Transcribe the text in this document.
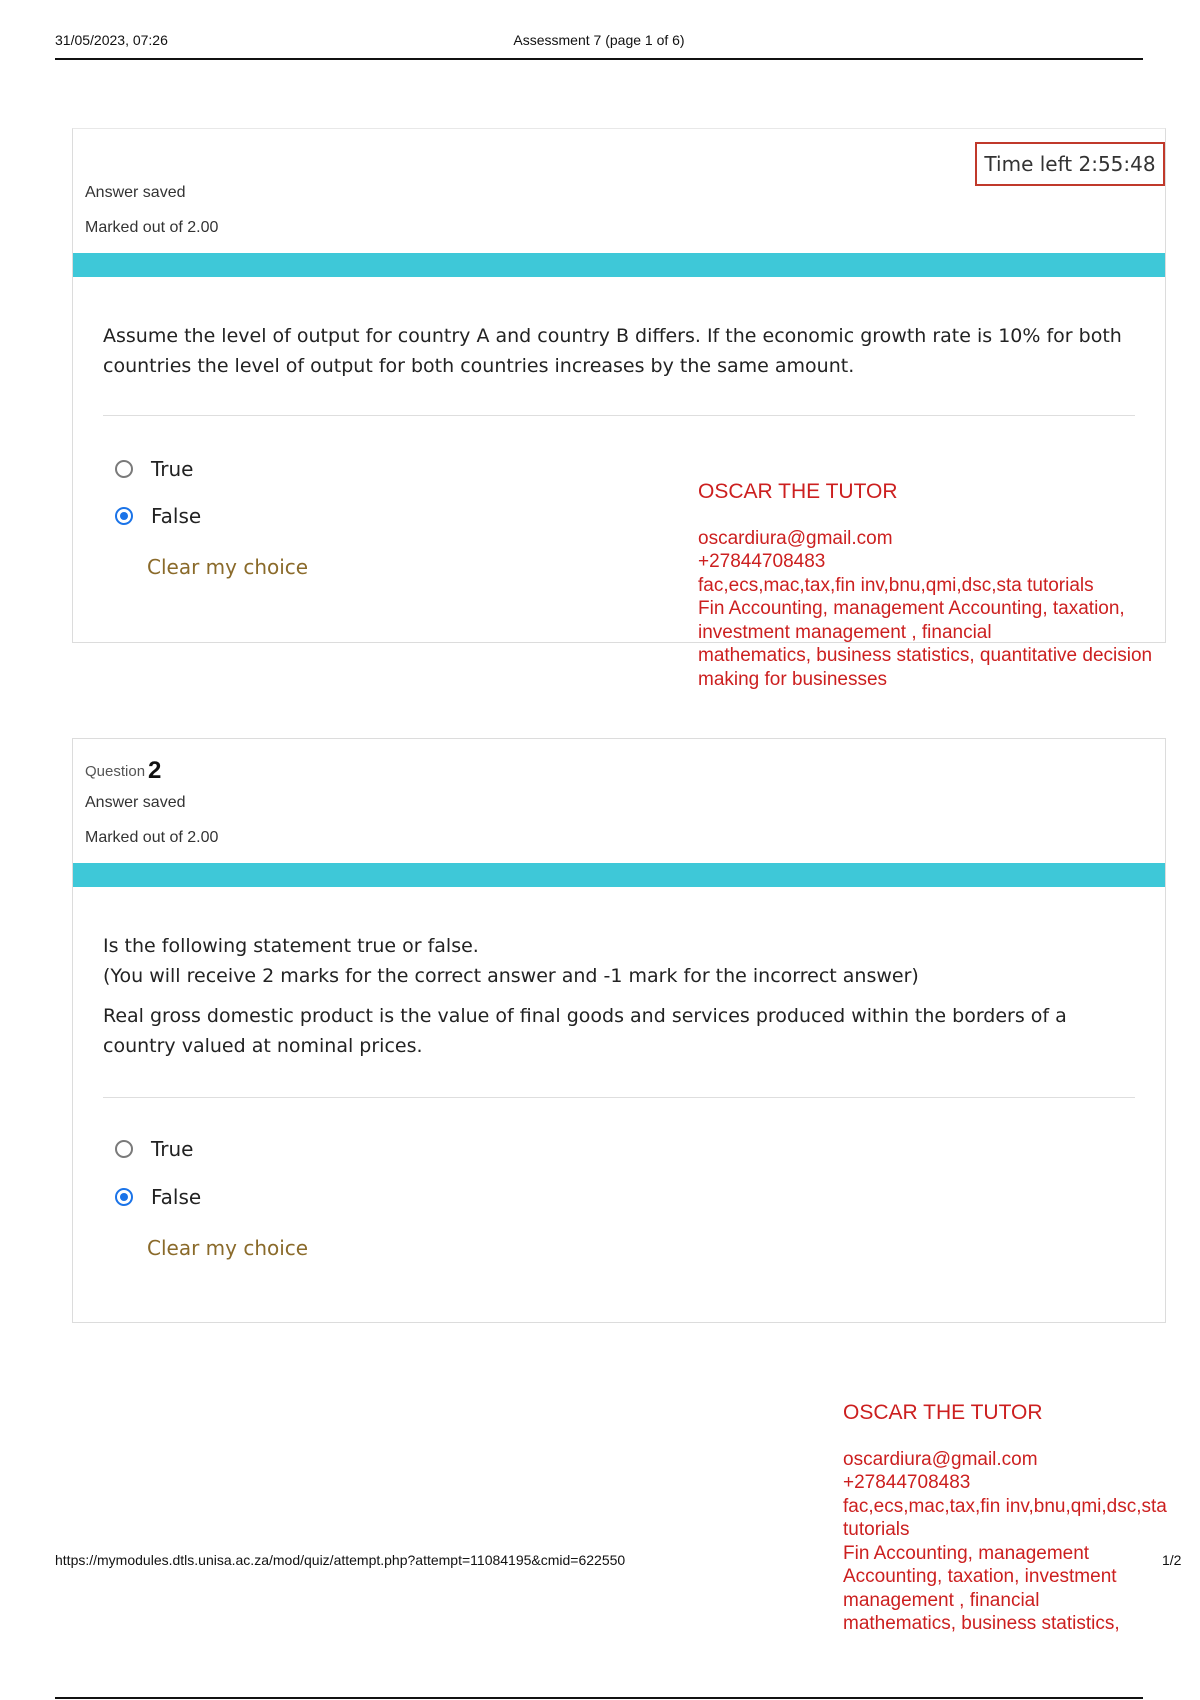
31/05/2023, 07:26	Assessment 7 (page 1 of 6)
Answer saved
Marked out of 2.00

Assume the level of output for country A and country B differs. If the economic growth rate is 10% for both countries the level of output for both countries increases by the same amount.

True
False
Clear my choice
Question 2
Answer saved
Marked out of 2.00

Is the following statement true or false.
(You will receive 2 marks for the correct answer and -1 mark for the incorrect answer)

Real gross domestic product is the value of final goods and services produced within the borders of a country valued at nominal prices.

True
False
Clear my choice
Time left 2:55:48

OSCAR THE TUTOR

oscardiura@gmail.com
+27844708483
fac,ecs,mac,tax,fin inv,bnu,qmi,dsc,sta tutorials
Fin Accounting, management Accounting, taxation,
investment management , financial
mathematics, business statistics, quantitative decision
making for businesses

OSCAR THE TUTOR

oscardiura@gmail.com
+27844708483
fac,ecs,mac,tax,fin inv,bnu,qmi,dsc,sta
tutorials
Fin Accounting, management
Accounting, taxation, investment
management , financial
mathematics, business statistics,

https://mymodules.dtls.unisa.ac.za/mod/quiz/attempt.php?attempt=11084195&cmid=622550	1/2
